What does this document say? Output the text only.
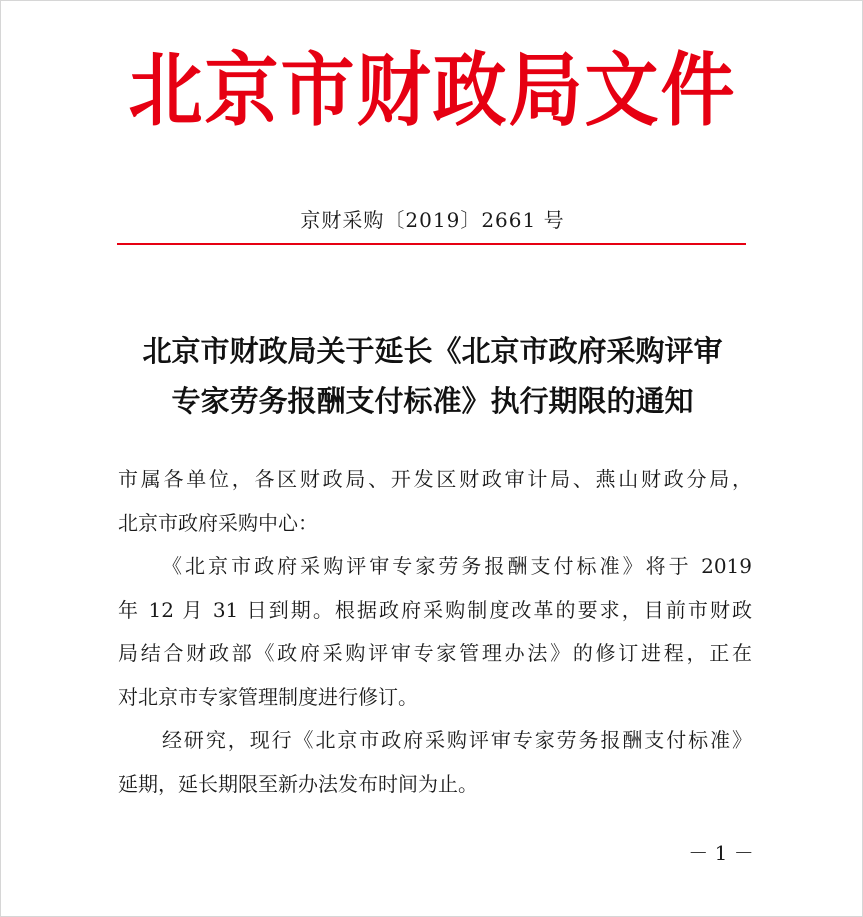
北京市财政局文件
京财采购〔2019〕2661 号
北京市财政局关于延长《北京市政府采购评审
专家劳务报酬支付标准》执行期限的通知

市属各单位，各区财政局、开发区财政审计局、燕山财政分局，
北京市政府采购中心：

《北京市政府采购评审专家劳务报酬支付标准》将于 2019
年 12 月 31 日到期。根据政府采购制度改革的要求，目前市财政
局结合财政部《政府采购评审专家管理办法》的修订进程，正在
对北京市专家管理制度进行修订。

经研究，现行《北京市政府采购评审专家劳务报酬支付标准》
延期，延长期限至新办法发布时间为止。

－ 1 －
